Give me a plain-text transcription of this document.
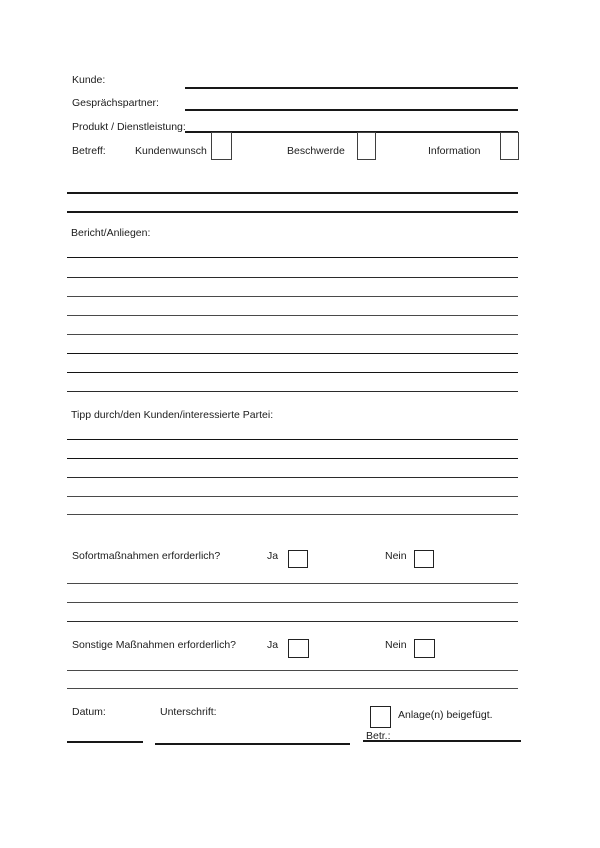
Kunde:
Gesprächspartner:
Produkt / Dienstleistung:
Betreff:	Kundenwunsch	Beschwerde	Information
Bericht/Anliegen:
Tipp durch/den Kunden/interessierte Partei:
Sofortmaßnahmen erforderlich?	Ja	Nein
Sonstige Maßnahmen erforderlich?	Ja	Nein
Datum:	Unterschrift:	Anlage(n) beigefügt.
Betr.:
